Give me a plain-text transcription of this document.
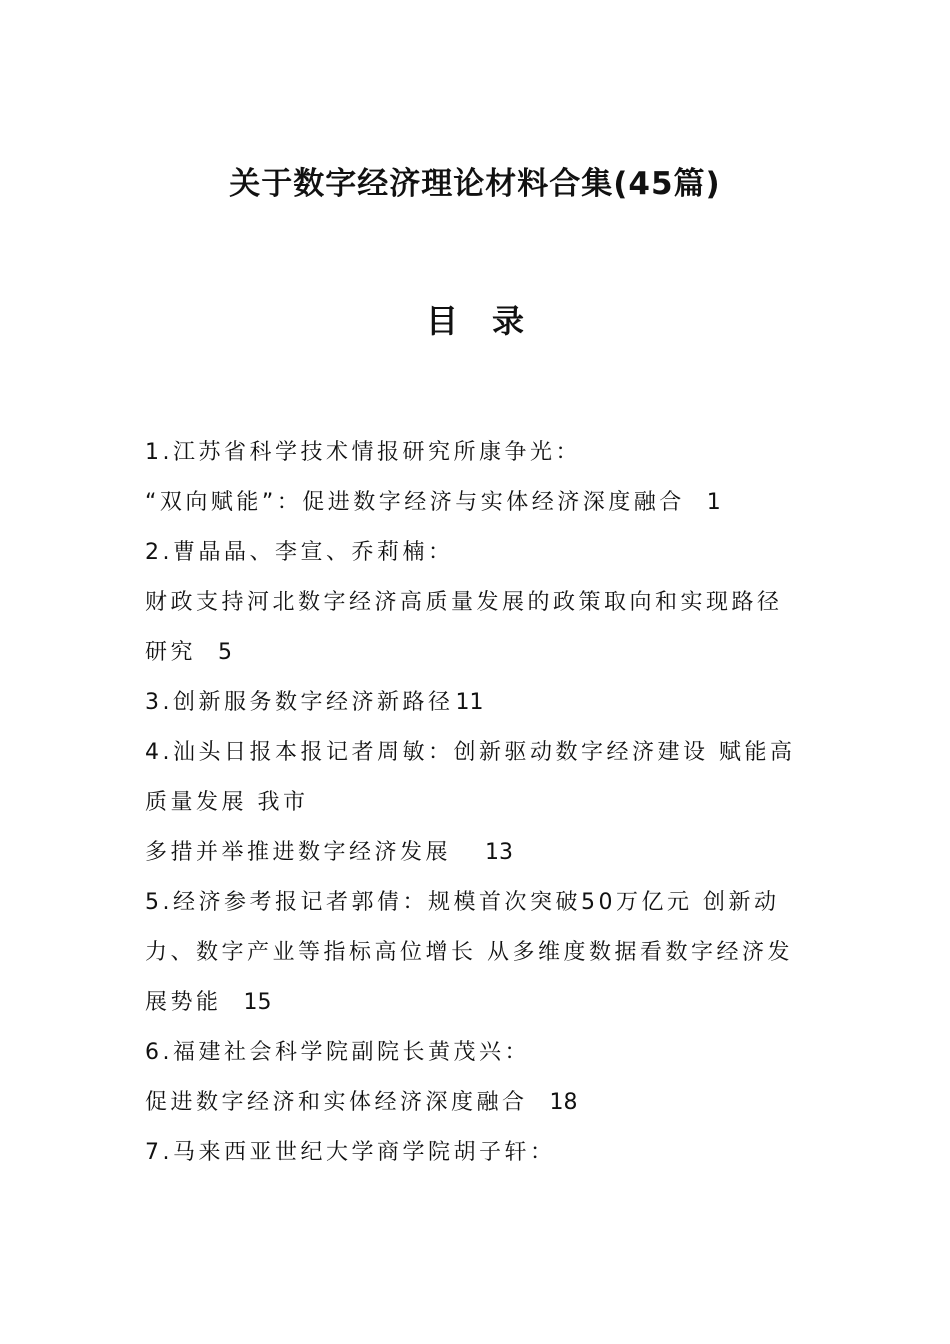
关于数字经济理论材料合集(45篇)
目录
1.江苏省科学技术情报研究所康争光：
“双向赋能”：促进数字经济与实体经济深度融合 1
2.曹晶晶、李宣、乔莉楠：
财政支持河北数字经济高质量发展的政策取向和实现路径
研究 5
3.创新服务数字经济新路径11
4.汕头日报本报记者周敏：创新驱动数字经济建设 赋能高
质量发展 我市
多措并举推进数字经济发展 13
5.经济参考报记者郭倩：规模首次突破50万亿元 创新动
力、数字产业等指标高位增长 从多维度数据看数字经济发
展势能 15
6.福建社会科学院副院长黄茂兴：
促进数字经济和实体经济深度融合 18
7.马来西亚世纪大学商学院胡子轩：
